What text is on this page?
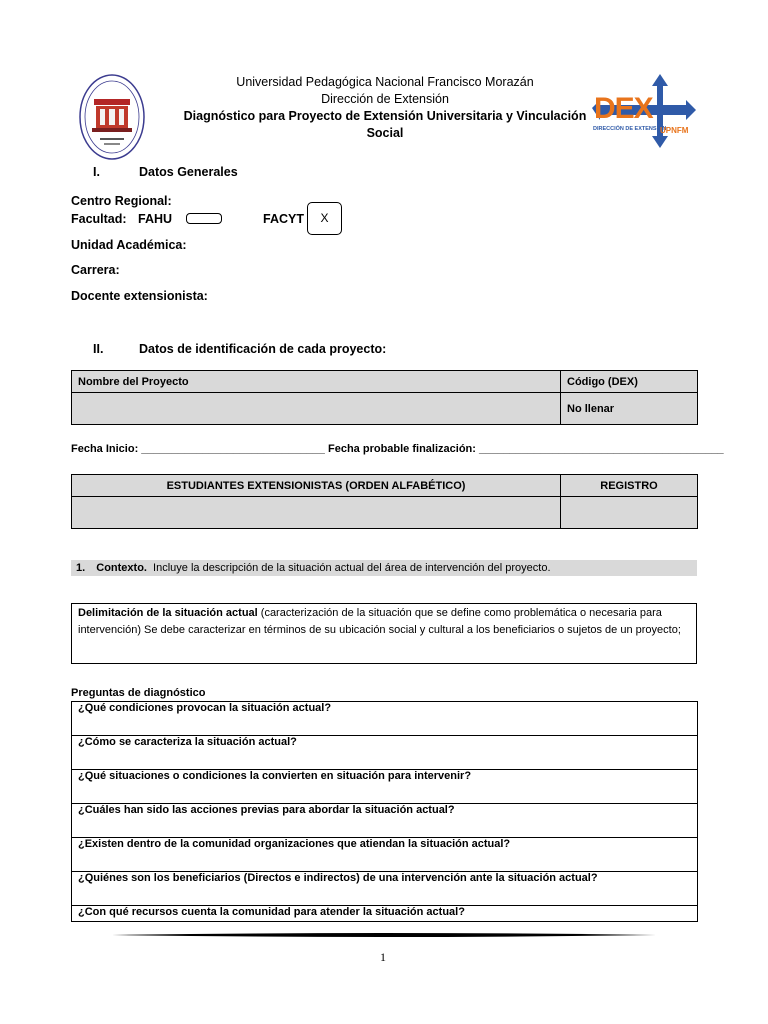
Universidad Pedagógica Nacional Francisco Morazán
Dirección de Extensión
Diagnóstico para Proyecto de Extensión Universitaria y Vinculación
Social
DEX
DIRECCIÓN DE EXTENSIÓN
UPNFM
I.	Datos Generales
Centro Regional:
Facultad: FAHU	FACYT	X
Unidad Académica:
Carrera:
Docente extensionista:
II.	Datos de identificación de cada proyecto:
Nombre del Proyecto	Código (DEX)
	No llenar
Fecha Inicio: ______________________________ Fecha probable finalización: ________________________________________
ESTUDIANTES EXTENSIONISTAS (ORDEN ALFABÉTICO)	REGISTRO

1. Contexto. Incluye la descripción de la situación actual del área de intervención del proyecto.
Delimitación de la situación actual (caracterización de la situación que se define como problemática o necesaria para intervención) Se debe caracterizar en términos de su ubicación social y cultural a los beneficiarios o sujetos de un proyecto;
Preguntas de diagnóstico
¿Qué condiciones provocan la situación actual?
¿Cómo se caracteriza la situación actual?
¿Qué situaciones o condiciones la convierten en situación para intervenir?
¿Cuáles han sido las acciones previas para abordar la situación actual?
¿Existen dentro de la comunidad organizaciones que atiendan la situación actual?
¿Quiénes son los beneficiarios (Directos e indirectos) de una intervención ante la situación actual?
¿Con qué recursos cuenta la comunidad para atender la situación actual?
1
